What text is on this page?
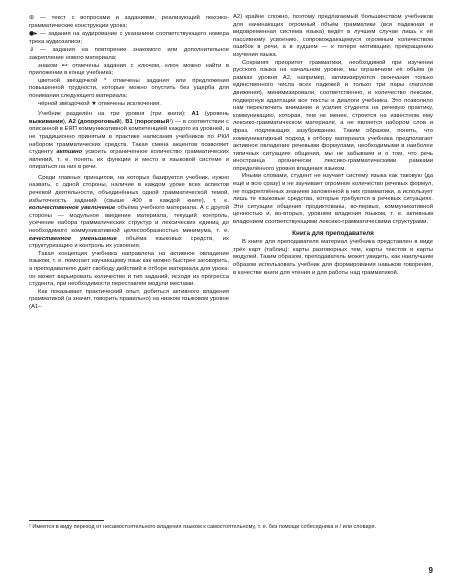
⊛ — текст с вопросами и заданиями, реализующий лексико-грамматические конструкции урока;

●▸ — задания на аудирование с указанием соответствующего номера трека аудиозаписи;

⇓ — задания на повторение знакомого или дополнительное закрепление нового материала;

знаком ⊷ отмечены задания с ключом, ключ можно найти в приложении в конце учебника;

цветной звёздочкой * отмечены задания или предложения повышенной трудности, которые можно опустить без ущерба для понимания следующего материала;

чёрной звёздочкой ★ отмечены исключения.

Учебник разделён на три уровня (три книги): А1 (уровень выживания), А2 (допороговый), В1 (пороговый¹) — в соответствии с описанной в ЕЯП коммуникативной компетенцией каждого из уровней, а не традиционно принятым в практике написания учебников по РКИ набором грамматических средств. Такая смена акцентов позволяет студенту активно усвоить ограниченное количество грамматических явлений, т. е. понять их функции и место в языковой системе и опираться на них в речи.

Среди главных принципов, на которых базируется учебник, нужно назвать, с одной стороны, наличие в каждом уроке всех аспектов речевой деятельности, объединённых одной грамматической темой, избыточность заданий (свыше 400 в каждой книге), т. е. количественное увеличение объёма учебного материала. А с другой стороны — модульное введение материала, текущий контроль, усечение набора грамматических структур и лексических единиц до необходимого коммуникативной целесообразностью минимума, т. е. качественное уменьшение объёма языковых средств, их структуризацию и контроль их усвоения.

Такая концепция учебника направлена на активное овладение языком, т. е. помогает изучающему язык как можно быстрее заговорить, а преподавателю даёт свободу действий в отборе материала для урока: он может варьировать количество и тип заданий, исходя из прогресса студента, при необходимости переставляя модули местами.

Как показывает практический опыт, добиться активного владения грамматикой (а значит, говорить правильно) на низком языковом уровне (А1–

А2) крайне сложно, поэтому предлагаемый большинством учебников для начинающих огромный объём грамматики (вся падежная и видовременная система языка) ведёт в лучшем случае лишь к её пассивному усвоению, сопровождающемуся огромным количеством ошибок в речи, а в худшем — к потере мотивации, прекращению изучения языка.

Сохраняя приоритет грамматики, необходимой при изучении русского языка на начальном уровне, мы ограничили её объём (в рамках уровня А2, например, активизируются окончания только единственного числа всех падежей и только три пары глаголов движения), минимизировали, соответственно, и количество лексики, подвергнув адаптации все тексты и диалоги учебника. Это позволило нам переключить внимание и усилия студента на речевую практику, коммуникацию, которая, тем не менее, строится на известном ему лексико-грамматическом материале, а не является набором слов и фраз, подлежащих зазубриванию. Таким образом, понять, что коммуникативный подход к отбору материала учебника предполагает активное овладение речевыми формулами, необходимыми в наиболее типичных ситуациях общения, мы не забываем и о том, что речь иностранца органически лексико-грамматическими рамками определённого уровня владения языком.

Иными словами, студент не изучает систему языка как таковую (да ещё и всю сразу) и не заучивает огромное количество речевых формул, не подкреплённых знанием заложенной в них грамматики, а использует лишь те языковые средства, которые требуются в речевых ситуациях. Эти ситуации общения продиктованы, во-первых, коммуникативной ценностью и, во-вторых, уровнем владения языком, т. е. активным владением соответствующими лексико-грамматическими структурами.

Книга для преподавателя

В книге для преподавателя материал учебника представлен в виде трёх карт (таблиц): карты разговорных тем, карты текстов и карты модулей. Таким образом, преподаватель может увидеть, как наилучшим образом использовать учебник для формирования навыков говорения, в качестве книги для чтения и для работы над грамматикой.

¹ Имеется в виду переход от несамостоятельного владения языком к самостоятельному, т. е. без помощи собеседника и / или словаря.

9
